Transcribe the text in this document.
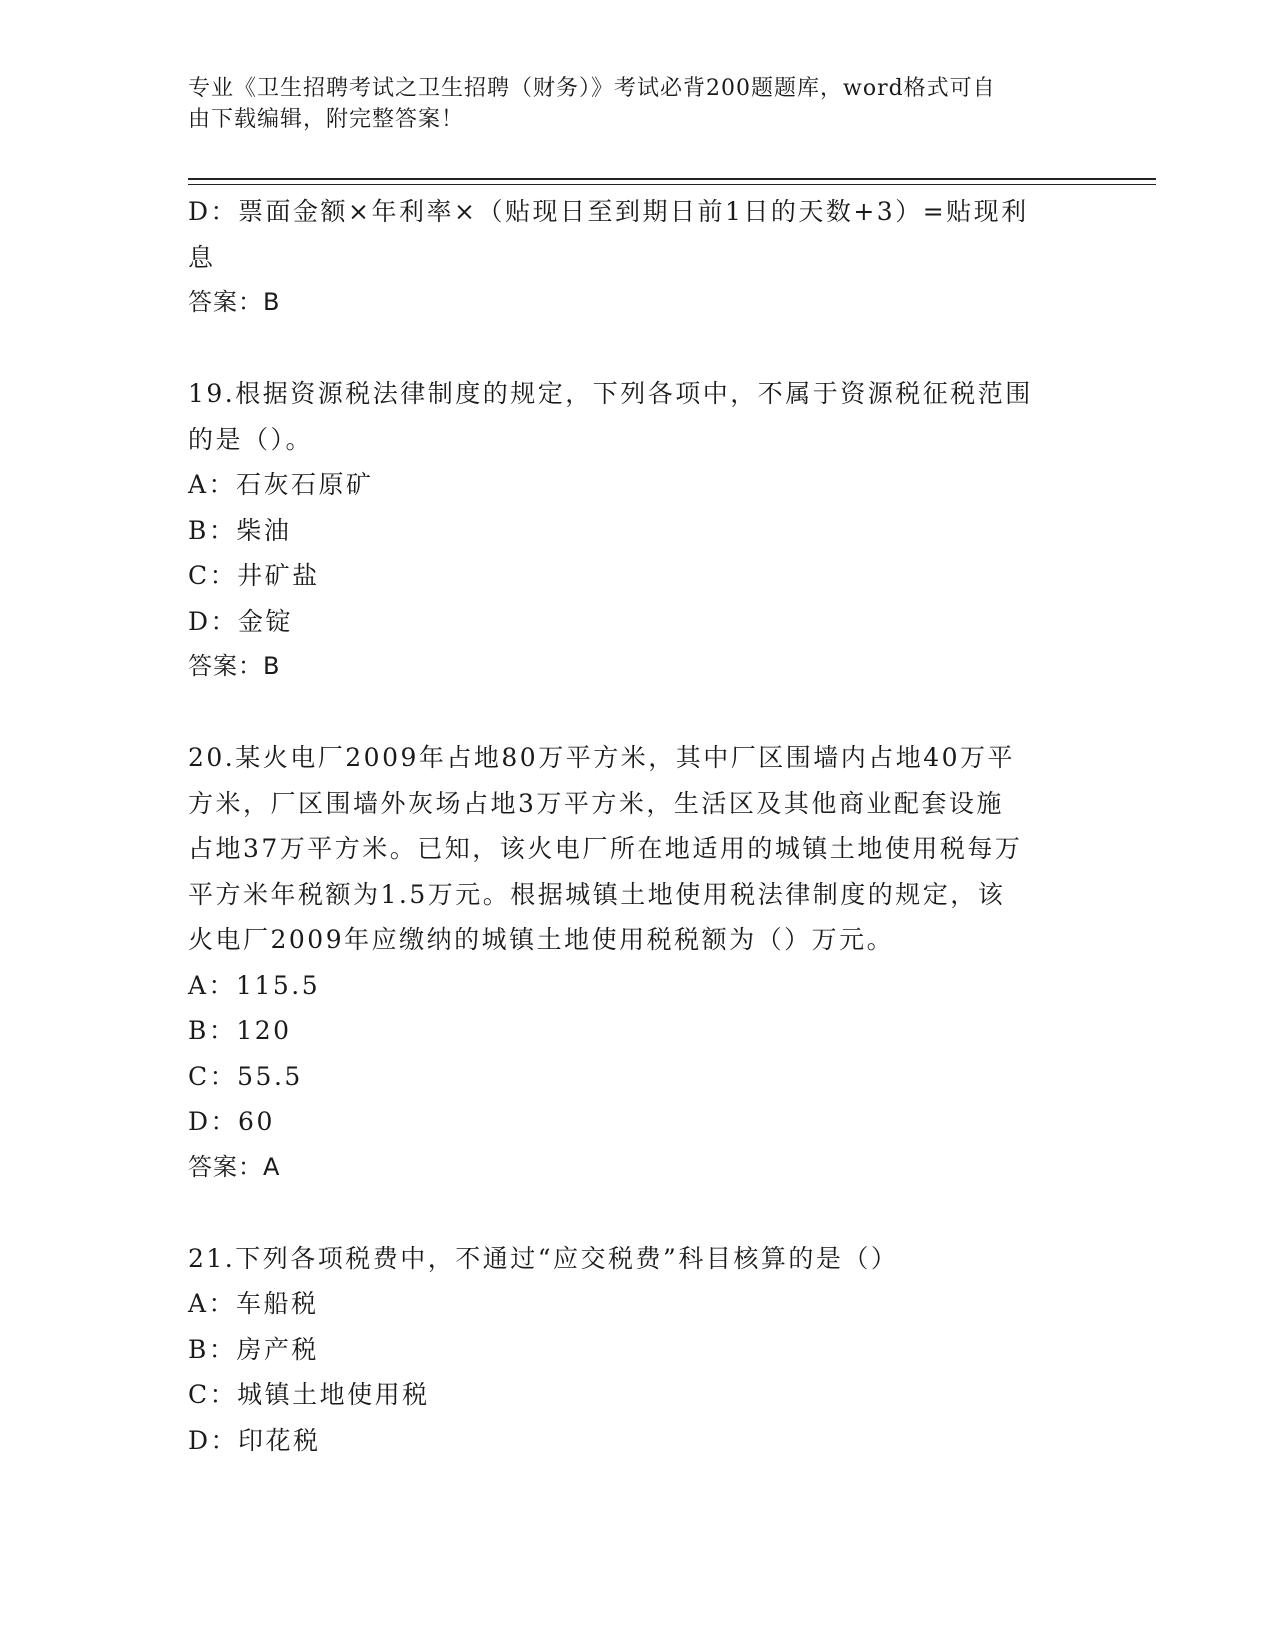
专业《卫生招聘考试之卫生招聘（财务）》考试必背200题题库，word格式可自
由下载编辑，附完整答案！
D：票面金额×年利率×（贴现日至到期日前1日的天数+3）=贴现利
息
答案：B
19.根据资源税法律制度的规定，下列各项中，不属于资源税征税范围
的是（）。
A：石灰石原矿
B：柴油
C：井矿盐
D：金锭
答案：B
20.某火电厂2009年占地80万平方米，其中厂区围墙内占地40万平
方米，厂区围墙外灰场占地3万平方米，生活区及其他商业配套设施
占地37万平方米。已知，该火电厂所在地适用的城镇土地使用税每万
平方米年税额为1.5万元。根据城镇土地使用税法律制度的规定，该
火电厂2009年应缴纳的城镇土地使用税税额为（）万元。
A：115.5
B：120
C：55.5
D：60
答案：A
21.下列各项税费中，不通过“应交税费”科目核算的是（）
A：车船税
B：房产税
C：城镇土地使用税
D：印花税
